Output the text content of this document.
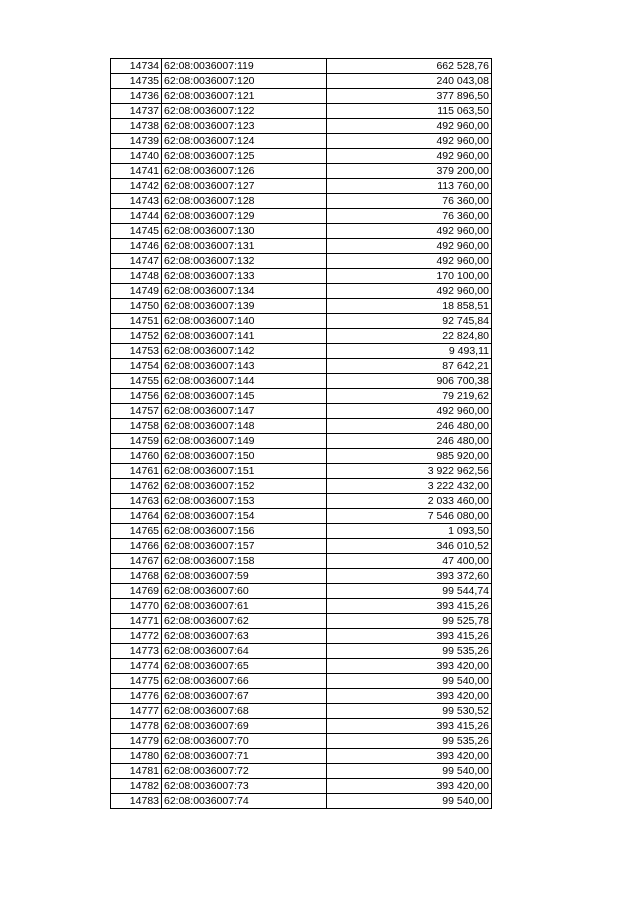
14734	62:08:0036007:119	662 528,76
14735	62:08:0036007:120	240 043,08
14736	62:08:0036007:121	377 896,50
14737	62:08:0036007:122	115 063,50
14738	62:08:0036007:123	492 960,00
14739	62:08:0036007:124	492 960,00
14740	62:08:0036007:125	492 960,00
14741	62:08:0036007:126	379 200,00
14742	62:08:0036007:127	113 760,00
14743	62:08:0036007:128	76 360,00
14744	62:08:0036007:129	76 360,00
14745	62:08:0036007:130	492 960,00
14746	62:08:0036007:131	492 960,00
14747	62:08:0036007:132	492 960,00
14748	62:08:0036007:133	170 100,00
14749	62:08:0036007:134	492 960,00
14750	62:08:0036007:139	18 858,51
14751	62:08:0036007:140	92 745,84
14752	62:08:0036007:141	22 824,80
14753	62:08:0036007:142	9 493,11
14754	62:08:0036007:143	87 642,21
14755	62:08:0036007:144	906 700,38
14756	62:08:0036007:145	79 219,62
14757	62:08:0036007:147	492 960,00
14758	62:08:0036007:148	246 480,00
14759	62:08:0036007:149	246 480,00
14760	62:08:0036007:150	985 920,00
14761	62:08:0036007:151	3 922 962,56
14762	62:08:0036007:152	3 222 432,00
14763	62:08:0036007:153	2 033 460,00
14764	62:08:0036007:154	7 546 080,00
14765	62:08:0036007:156	1 093,50
14766	62:08:0036007:157	346 010,52
14767	62:08:0036007:158	47 400,00
14768	62:08:0036007:59	393 372,60
14769	62:08:0036007:60	99 544,74
14770	62:08:0036007:61	393 415,26
14771	62:08:0036007:62	99 525,78
14772	62:08:0036007:63	393 415,26
14773	62:08:0036007:64	99 535,26
14774	62:08:0036007:65	393 420,00
14775	62:08:0036007:66	99 540,00
14776	62:08:0036007:67	393 420,00
14777	62:08:0036007:68	99 530,52
14778	62:08:0036007:69	393 415,26
14779	62:08:0036007:70	99 535,26
14780	62:08:0036007:71	393 420,00
14781	62:08:0036007:72	99 540,00
14782	62:08:0036007:73	393 420,00
14783	62:08:0036007:74	99 540,00
